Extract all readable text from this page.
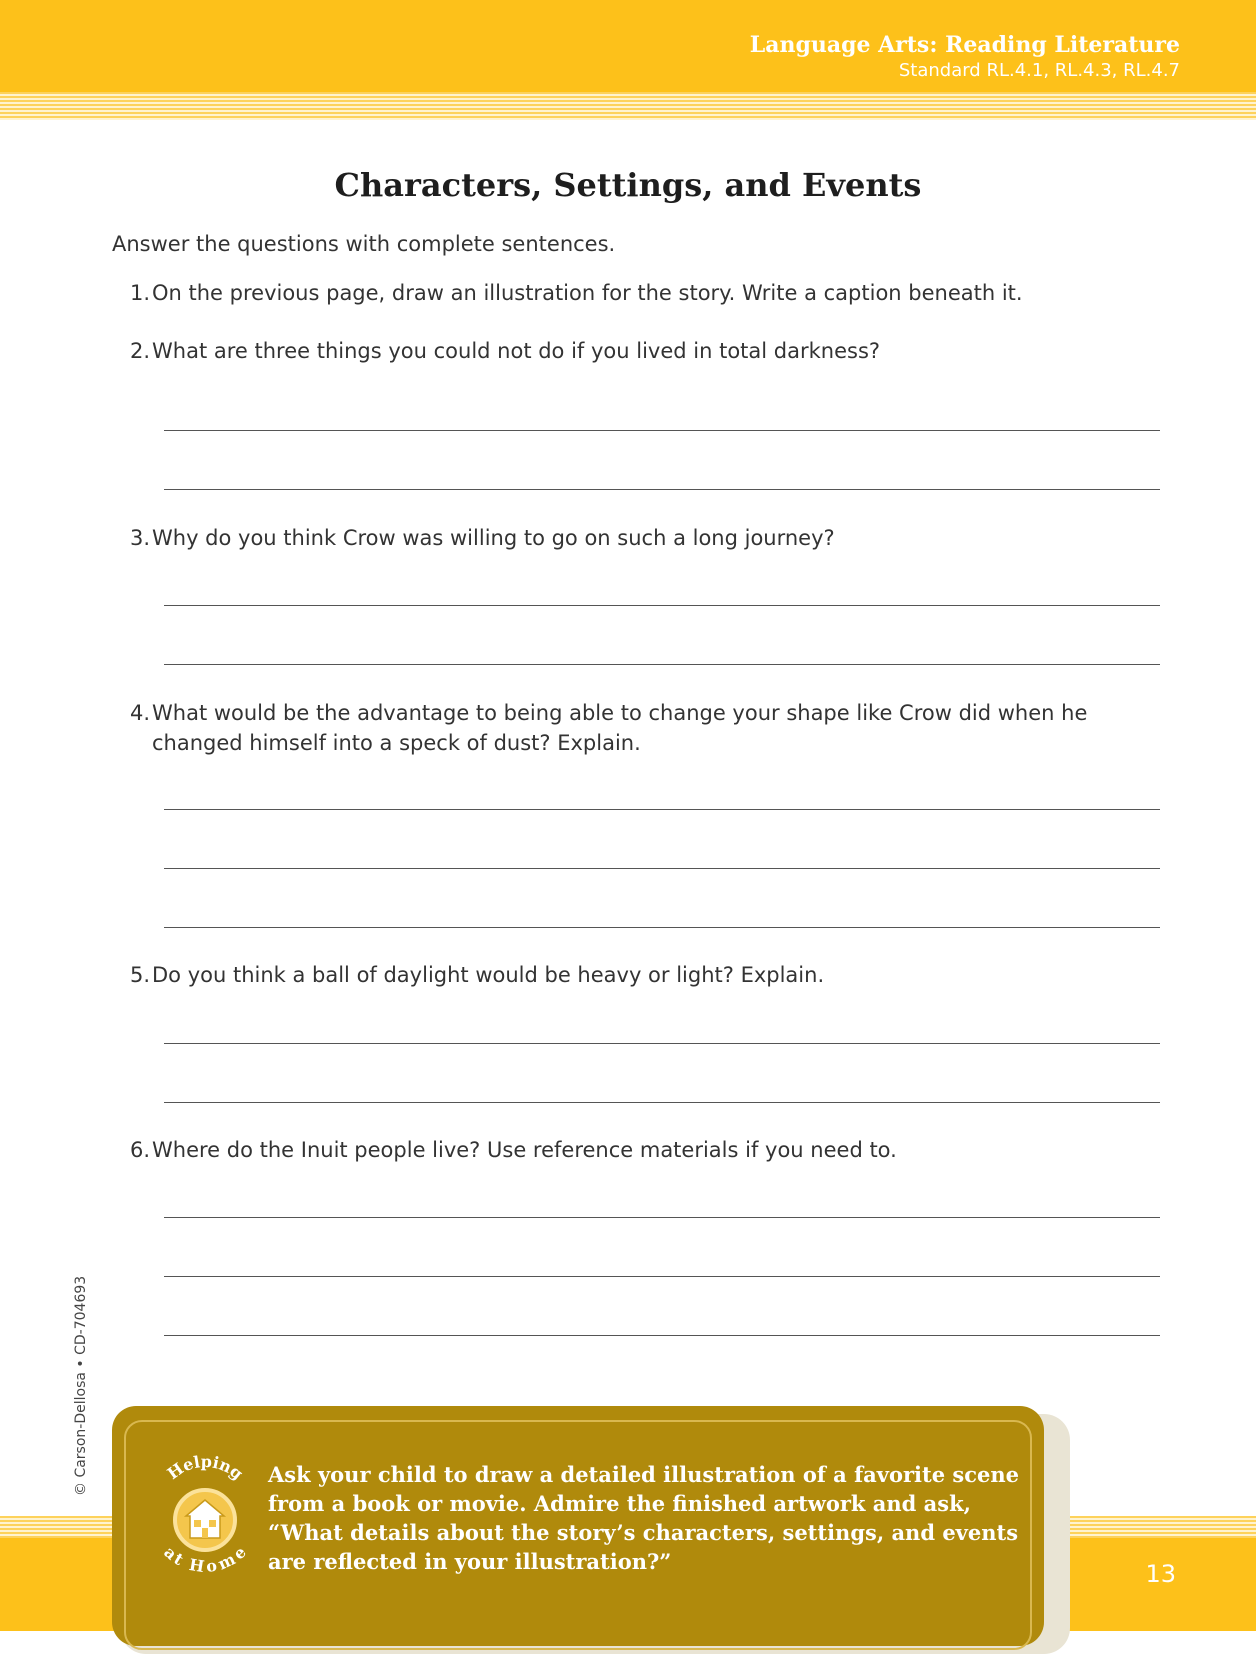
Language Arts: Reading Literature
Standard RL.4.1, RL.4.3, RL.4.7
Characters, Settings, and Events
Answer the questions with complete sentences.
1.On the previous page, draw an illustration for the story. Write a caption beneath it.
2.What are three things you could not do if you lived in total darkness?
3.Why do you think Crow was willing to go on such a long journey?
4.What would be the advantage to being able to change your shape like Crow did when he
changed himself into a speck of dust? Explain.
5.Do you think a ball of daylight would be heavy or light? Explain.
6.Where do the Inuit people live? Use reference materials if you need to.
© Carson-Dellosa • CD-704693	Helping
at Home
Ask your child to draw a detailed illustration of a favorite scene from a book or movie. Admire the finished artwork and ask, “What details about the story’s characters, settings, and events are reflected in your illustration?”	13
